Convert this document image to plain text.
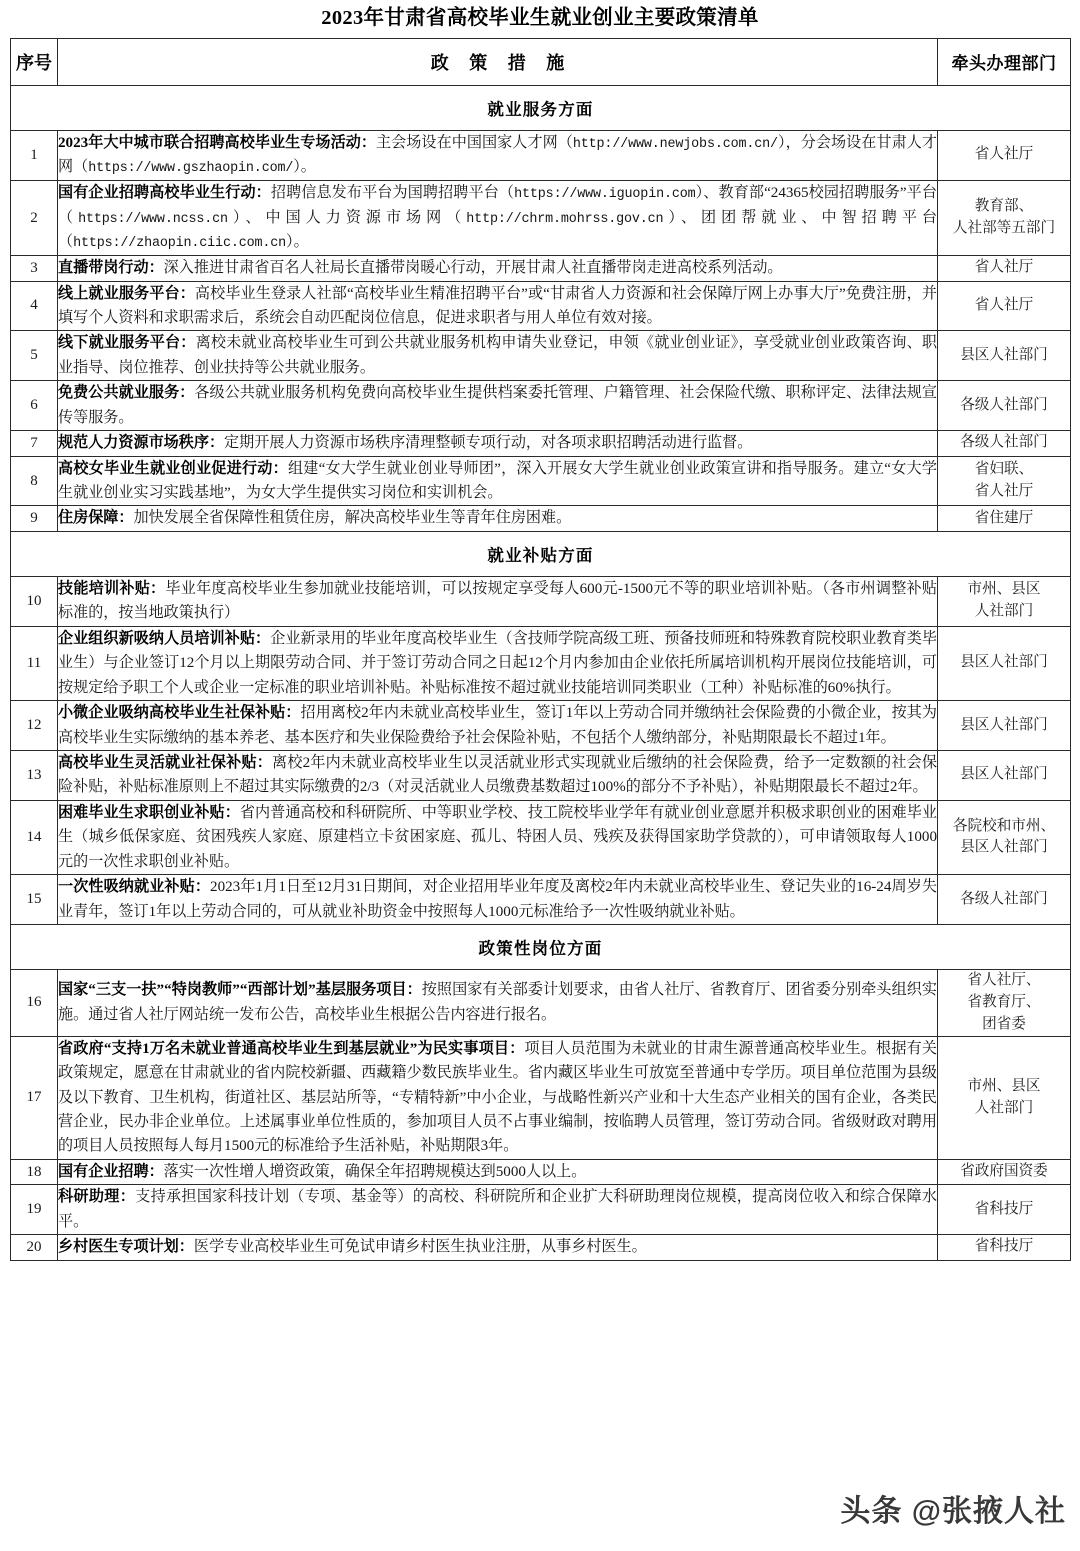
2023年甘肃省高校毕业生就业创业主要政策清单
序号	政 策 措 施	牵头办理部门
就业服务方面		
1	2023年大中城市联合招聘高校毕业生专场活动：主会场设在中国国家人才网（http://www.newjobs.com.cn/），分会场设在甘肃人才网（https://www.gszhaopin.com/）。	省人社厅
2	国有企业招聘高校毕业生行动：招聘信息发布平台为国聘招聘平台（https://www.iguopin.com）、教育部“24365校园招聘服务”平台（https://www.ncss.cn）、中国人力资源市场网（http://chrm.mohrss.gov.cn）、团团帮就业、中智招聘平台（https://zhaopin.ciic.com.cn）。	教育部、
人社部等五部门
3	直播带岗行动：深入推进甘肃省百名人社局长直播带岗暖心行动，开展甘肃人社直播带岗走进高校系列活动。	省人社厅
4	线上就业服务平台：高校毕业生登录人社部“高校毕业生精准招聘平台”或“甘肃省人力资源和社会保障厅网上办事大厅”免费注册，并填写个人资料和求职需求后，系统会自动匹配岗位信息，促进求职者与用人单位有效对接。	省人社厅
5	线下就业服务平台：离校未就业高校毕业生可到公共就业服务机构申请失业登记，申领《就业创业证》，享受就业创业政策咨询、职业指导、岗位推荐、创业扶持等公共就业服务。	县区人社部门
6	免费公共就业服务：各级公共就业服务机构免费向高校毕业生提供档案委托管理、户籍管理、社会保险代缴、职称评定、法律法规宣传等服务。	各级人社部门
7	规范人力资源市场秩序：定期开展人力资源市场秩序清理整顿专项行动，对各项求职招聘活动进行监督。	各级人社部门
8	高校女毕业生就业创业促进行动：组建“女大学生就业创业导师团”，深入开展女大学生就业创业政策宣讲和指导服务。建立“女大学生就业创业实习实践基地”，为女大学生提供实习岗位和实训机会。	省妇联、
省人社厅
9	住房保障：加快发展全省保障性租赁住房，解决高校毕业生等青年住房困难。	省住建厅
就业补贴方面		
10	技能培训补贴：毕业年度高校毕业生参加就业技能培训，可以按规定享受每人600元-1500元不等的职业培训补贴。（各市州调整补贴标准的，按当地政策执行）	市州、县区
人社部门
11	企业组织新吸纳人员培训补贴：企业新录用的毕业年度高校毕业生（含技师学院高级工班、预备技师班和特殊教育院校职业教育类毕业生）与企业签订12个月以上期限劳动合同、并于签订劳动合同之日起12个月内参加由企业依托所属培训机构开展岗位技能培训，可按规定给予职工个人或企业一定标准的职业培训补贴。补贴标准按不超过就业技能培训同类职业（工种）补贴标准的60%执行。	县区人社部门
12	小微企业吸纳高校毕业生社保补贴：招用离校2年内未就业高校毕业生，签订1年以上劳动合同并缴纳社会保险费的小微企业，按其为高校毕业生实际缴纳的基本养老、基本医疗和失业保险费给予社会保险补贴，不包括个人缴纳部分，补贴期限最长不超过1年。	县区人社部门
13	高校毕业生灵活就业社保补贴：离校2年内未就业高校毕业生以灵活就业形式实现就业后缴纳的社会保险费，给予一定数额的社会保险补贴，补贴标准原则上不超过其实际缴费的2/3（对灵活就业人员缴费基数超过100%的部分不予补贴），补贴期限最长不超过2年。	县区人社部门
14	困难毕业生求职创业补贴：省内普通高校和科研院所、中等职业学校、技工院校毕业学年有就业创业意愿并积极求职创业的困难毕业生（城乡低保家庭、贫困残疾人家庭、原建档立卡贫困家庭、孤儿、特困人员、残疾及获得国家助学贷款的），可申请领取每人1000元的一次性求职创业补贴。	各院校和市州、
县区人社部门
15	一次性吸纳就业补贴：2023年1月1日至12月31日期间，对企业招用毕业年度及离校2年内未就业高校毕业生、登记失业的16-24周岁失业青年，签订1年以上劳动合同的，可从就业补助资金中按照每人1000元标准给予一次性吸纳就业补贴。	各级人社部门
政策性岗位方面		
16	国家“三支一扶”“特岗教师”“西部计划”基层服务项目：按照国家有关部委计划要求，由省人社厅、省教育厅、团省委分别牵头组织实施。通过省人社厅网站统一发布公告，高校毕业生根据公告内容进行报名。	省人社厅、
省教育厅、
团省委
17	省政府“支持1万名未就业普通高校毕业生到基层就业”为民实事项目：项目人员范围为未就业的甘肃生源普通高校毕业生。根据有关政策规定，愿意在甘肃就业的省内院校新疆、西藏籍少数民族毕业生。省内藏区毕业生可放宽至普通中专学历。项目单位范围为县级及以下教育、卫生机构，街道社区、基层站所等，“专精特新”中小企业，与战略性新兴产业和十大生态产业相关的国有企业，各类民营企业，民办非企业单位。上述属事业单位性质的，参加项目人员不占事业编制，按临聘人员管理，签订劳动合同。省级财政对聘用的项目人员按照每人每月1500元的标准给予生活补贴，补贴期限3年。	市州、县区
人社部门
18	国有企业招聘：落实一次性增人增资政策，确保全年招聘规模达到5000人以上。	省政府国资委
19	科研助理：支持承担国家科技计划（专项、基金等）的高校、科研院所和企业扩大科研助理岗位规模，提高岗位收入和综合保障水平。	省科技厅
20	乡村医生专项计划：医学专业高校毕业生可免试申请乡村医生执业注册，从事乡村医生。	省科技厅
头条 @张掖人社
